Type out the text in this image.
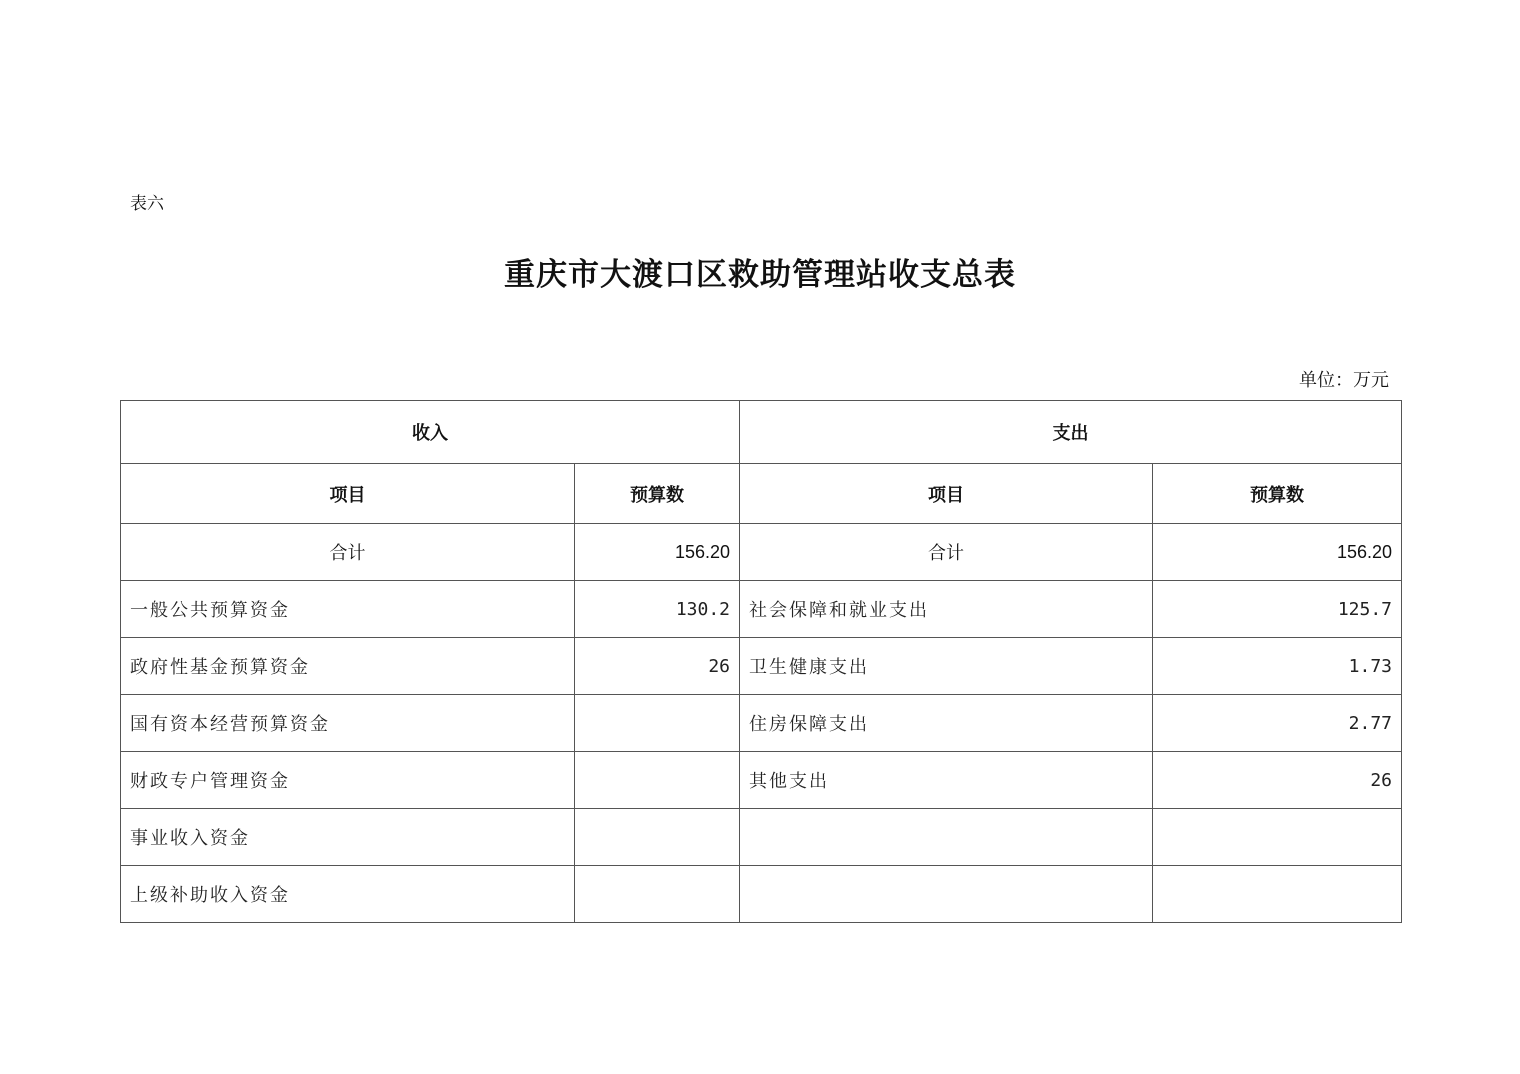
表六
重庆市大渡口区救助管理站收支总表
单位：万元
收入		支出	
项目	预算数	项目	预算数
合计	156.20	合计	156.20
一般公共预算资金	130.2	社会保障和就业支出	125.7
政府性基金预算资金	26	卫生健康支出	1.73
国有资本经营预算资金		住房保障支出	2.77
财政专户管理资金		其他支出	26
事业收入资金			
上级补助收入资金			
